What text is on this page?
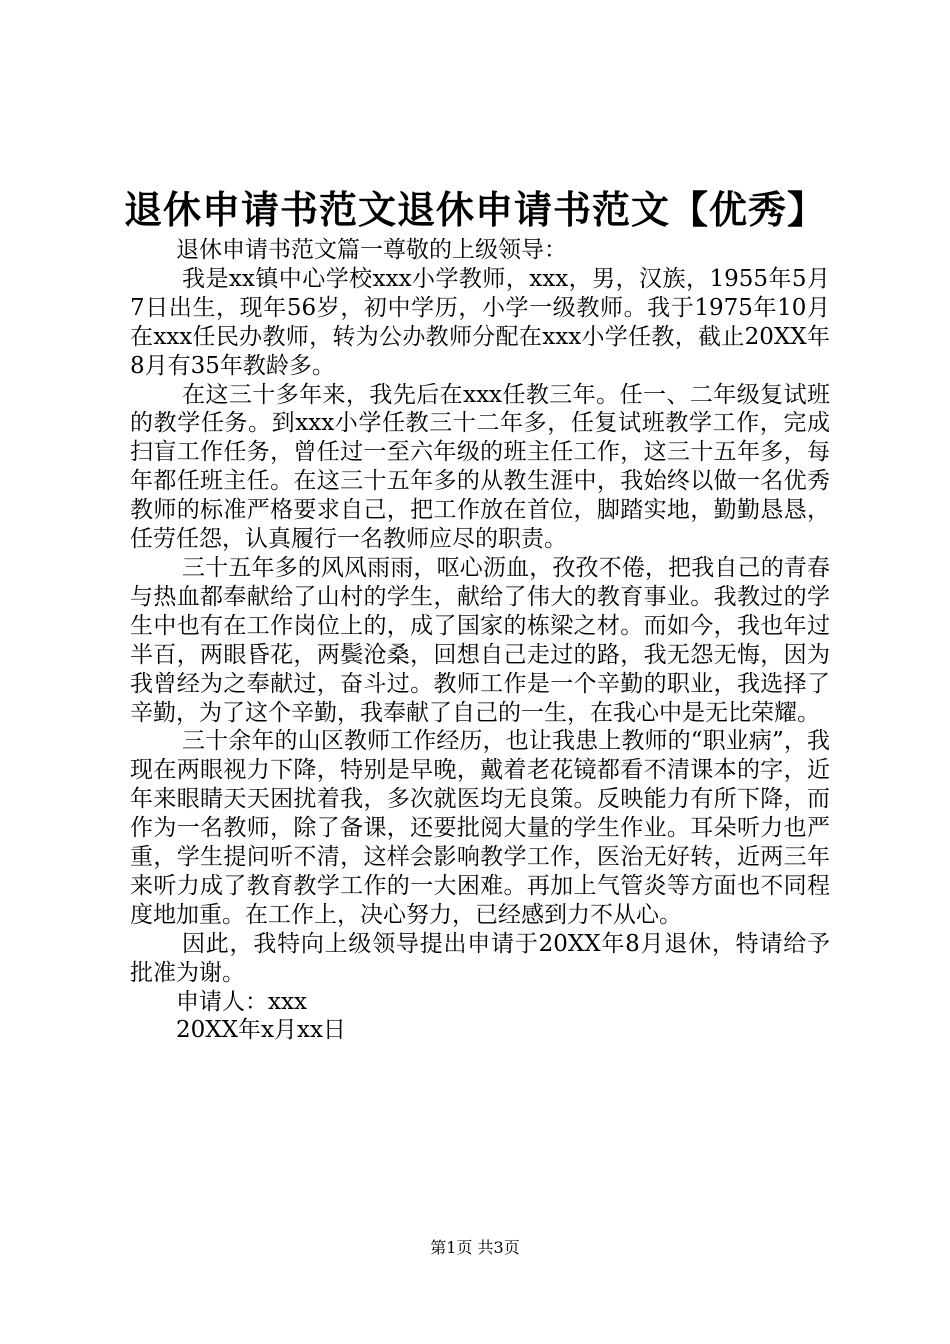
退休申请书范文退休申请书范文【优秀】

退休申请书范文篇一尊敬的上级领导：

我是xx镇中心学校xxx小学教师，xxx，男，汉族，1955年5月7日出生，现年56岁，初中学历，小学一级教师。我于1975年10月在xxx任民办教师，转为公办教师分配在xxx小学任教，截止20XX年8月有35年教龄多。

在这三十多年来，我先后在xxx任教三年。任一、二年级复试班的教学任务。到xxx小学任教三十二年多，任复试班教学工作，完成扫盲工作任务，曾任过一至六年级的班主任工作，这三十五年多，每年都任班主任。在这三十五年多的从教生涯中，我始终以做一名优秀教师的标准严格要求自己，把工作放在首位，脚踏实地，勤勤恳恳，任劳任怨，认真履行一名教师应尽的职责。

三十五年多的风风雨雨，呕心沥血，孜孜不倦，把我自己的青春与热血都奉献给了山村的学生，献给了伟大的教育事业。我教过的学生中也有在工作岗位上的，成了国家的栋梁之材。而如今，我也年过半百，两眼昏花，两鬓沧桑，回想自己走过的路，我无怨无悔，因为我曾经为之奉献过，奋斗过。教师工作是一个辛勤的职业，我选择了辛勤，为了这个辛勤，我奉献了自己的一生，在我心中是无比荣耀。

三十余年的山区教师工作经历，也让我患上教师的“职业病”，我现在两眼视力下降，特别是早晚，戴着老花镜都看不清课本的字，近年来眼睛天天困扰着我，多次就医均无良策。反映能力有所下降，而作为一名教师，除了备课，还要批阅大量的学生作业。耳朵听力也严重，学生提问听不清，这样会影响教学工作，医治无好转，近两三年来听力成了教育教学工作的一大困难。再加上气管炎等方面也不同程度地加重。在工作上，决心努力，已经感到力不从心。

因此，我特向上级领导提出申请于20XX年8月退休，特请给予批准为谢。

申请人：xxx

20XX年x月xx日

第1页 共3页
